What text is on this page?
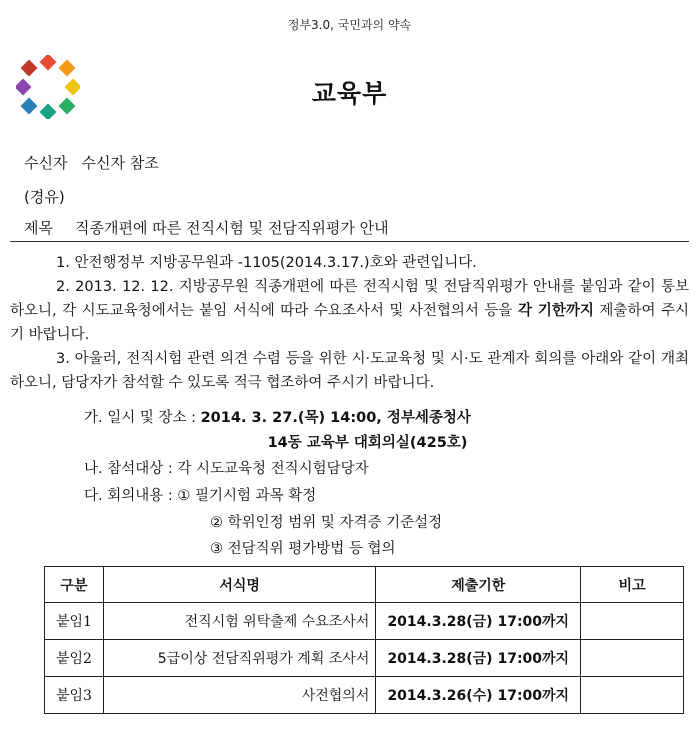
정부3.0, 국민과의 약속
교육부
수신자 수신자 참조
(경유)
제목 직종개편에 따른 전직시험 및 전담직위평가 안내
1. 안전행정부 지방공무원과 -1105(2014.3.17.)호와 관련입니다.
2. 2013. 12. 12. 지방공무원 직종개편에 따른 전직시험 및 전담직위평가 안내를 붙임과 같이 통보하오니, 각 시도교육청에서는 붙임 서식에 따라 수요조사서 및 사전협의서 등을 각 기한까지 제출하여 주시기 바랍니다.
3. 아울러, 전직시험 관련 의견 수렴 등을 위한 시·도교육청 및 시·도 관계자 회의를 아래와 같이 개최하오니, 담당자가 참석할 수 있도록 적극 협조하여 주시기 바랍니다.
가. 일시 및 장소 : 2014. 3. 27.(목) 14:00, 정부세종청사
14동 교육부 대회의실(425호)
나. 참석대상 : 각 시도교육청 전직시험담당자
다. 회의내용 : ① 필기시험 과목 확정
② 학위인정 범위 및 자격증 기준설정
③ 전담직위 평가방법 등 협의
구분	서식명	제출기한	비고
붙임1	전직시험 위탁출제 수요조사서	2014.3.28(금) 17:00까지	
붙임2	5급이상 전담직위평가 계획 조사서	2014.3.28(금) 17:00까지	
붙임3	사전협의서	2014.3.26(수) 17:00까지	
